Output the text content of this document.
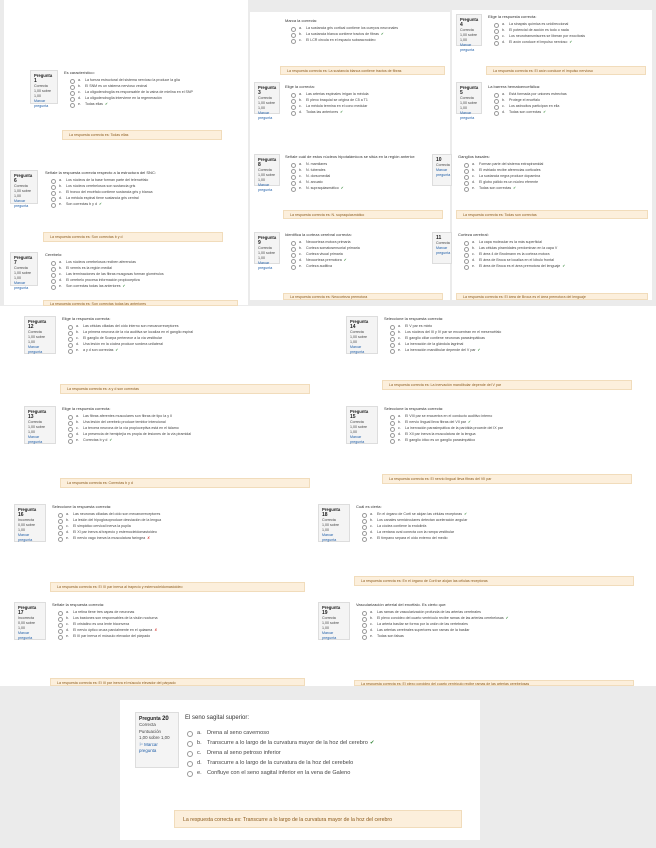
Pregunta 1
Correcta
1,00 sobre 1,00
Marcar pregunta
Es característico:
a.	La fuerza estructural del sistema nervioso la produce la glía
b.	El SNM es un sistema nervioso vecinal
c.	La oligodendroglía es responsable de la vaina de mielina en el SNP
d.	La oligodendroglía interviene en la regeneración
e.	Todas ellas ✔
La respuesta correcta es: Todas ellas
Pregunta 6
Correcta
1,00 sobre 1,00
Marcar pregunta
Señale la respuesta correcta respecto a la estructura del SNC:
a.	Los núcleos de la base forman parte del telencéfalo
b.	Los núcleos cerebelosos son sustancia gris
c.	El tronco del encéfalo contiene sustancia gris y blanca
d.	La médula espinal tiene sustancia gris central
e.	Son correctas b y d ✔
La respuesta correcta es: Son correctas b y d
Pregunta 7
Correcta
1,00 sobre 1,00
Marcar pregunta
Cerebelo:
a.	Los núcleos cerebelosos reciben aferencias
b.	El vermis es la región medial
c.	Las terminaciones de las fibras musgosas forman glomérulos
d.	El cerebelo procesa información propioceptiva
e.	Son correctas todas las anteriores ✔
La respuesta correcta es: Son correctas todas las anteriores
Marca la correcta:
a.	La sustancia gris cortical contiene los cuerpos neuronales
b.	La sustancia blanca contiene tractos de fibras ✔
c.	El LCR circula en el espacio subaracnoideo
La respuesta correcta es: La sustancia blanca contiene tractos de fibras
Pregunta 3
Correcta
1,00 sobre 1,00
Marcar pregunta
Elige la correcta:
a.	Las arterias espinales irrigan la médula
b.	El plexo braquial se origina de C5 a T1
c.	La médula termina en el cono medular
d.	Todas las anteriores ✔
Pregunta 4
Correcta
1,00 sobre 1,00
Marcar pregunta
Elige la respuesta correcta:
a.	La sinapsis química es unidireccional
b.	El potencial de acción es todo o nada
c.	Los neurotransmisores se liberan por exocitosis
d.	El axón conduce el impulso nervioso ✔
La respuesta correcta es: El axón conduce el impulso nervioso
Pregunta 5
Correcta
1,00 sobre 1,00
Marcar pregunta
La barrera hematoencefálica:
a.	Está formada por uniones estrechas
b.	Protege el encéfalo
c.	Los astrocitos participan en ella
d.	Todas son correctas ✔
Pregunta 8
Correcta
1,00 sobre 1,00
Marcar pregunta
Señale cuál de estos núcleos hipotalámicos se sitúa en la región anterior:
a.	N. mamilares
b.	N. tuberales
c.	N. dorsomedial
d.	N. arcuato
e.	N. supraquiasmático ✔
La respuesta correcta es: N. supraquiasmático
Pregunta 9
Correcta
1,00 sobre 1,00
Marcar pregunta
Identifica la corteza cerebral correcta:
a.	Neocorteza motora primaria
b.	Corteza somatosensorial primaria
c.	Corteza visual primaria
d.	Neocorteza premotora ✔
e.	Corteza auditiva
La respuesta correcta es: Neocorteza premotora
10
Correcta
Marcar pregunta
Ganglios basales:
a.	Forman parte del sistema extrapiramidal
b.	El estriado recibe aferencias corticales
c.	La sustancia negra produce dopamina
d.	El globo pálido es un núcleo eferente
e.	Todas son correctas ✔
La respuesta correcta es: Todas son correctas
11
Correcta
Marcar pregunta
Corteza cerebral:
a.	La capa molecular es la más superficial
b.	Las células piramidales predominan en la capa V
c.	El área 4 de Brodmann es la corteza motora
d.	El área de Broca se localiza en el lóbulo frontal
e.	El área de Broca es el área premotora del lenguaje ✔
La respuesta correcta es: El área de Broca es el área premotora del lenguaje
Pregunta 12
Correcta
1,00 sobre 1,00
Marcar pregunta
Elige la respuesta correcta:
a.	Las células ciliadas del oído interno son mecanorreceptores
b.	La primera neurona de la vía auditiva se localiza en el ganglio espiral
c.	El ganglio de Scarpa pertenece a la vía vestibular
d.	Una lesión en la cóclea produce sordera unilateral
e.	a y d son correctas ✔
La respuesta correcta es: a y d son correctas
Pregunta 13
Correcta
1,00 sobre 1,00
Marcar pregunta
Elige la respuesta correcta:
a.	Las fibras aferentes musculares son fibras de tipo Ia y II
b.	Una lesión del cerebelo produce temblor intencional
c.	La tercera neurona de la vía propioceptiva está en el tálamo
d.	La presencia de hemiplejía es propia de lesiones de la vía piramidal
e.	Correctas b y d ✔
La respuesta correcta es: Correctas b y d
Pregunta 14
Correcta
1,00 sobre 1,00
Marcar pregunta
Seleccione la respuesta correcta:
a.	El V par es mixto
b.	Los núcleos del III y IV par se encuentran en el mesencéfalo
c.	El ganglio ciliar contiene neuronas parasimpáticas
d.	La inervación de la glándula lagrimal
e.	La inervación mandibular depende del V par ✔
La respuesta correcta es: La inervación mandibular depende del V par
Pregunta 15
Correcta
1,00 sobre 1,00
Marcar pregunta
Seleccione la respuesta correcta:
a.	El VIII par se encuentra en el conducto auditivo interno
b.	El nervio lingual lleva fibras del VII par ✔
c.	La inervación parasimpática de la parótida procede del IX par
d.	El XII par inerva la musculatura de la lengua
e.	El ganglio ótico es un ganglio parasimpático
La respuesta correcta es: El nervio lingual lleva fibras del VII par
Pregunta 16
Incorrecta
0,00 sobre 1,00
Marcar pregunta
Seleccione la respuesta correcta:
a.	Las neuronas ciliadas del oído son mecanorreceptores
b.	La lesión del hipoglosoproduce desviación de la lengua
c.	El simpático cervical inerva la pupila
d.	El XI par inerva al trapecio y esternocleidomastoideo
e.	El nervio vago inerva la musculatura faríngea ✘
La respuesta correcta es: El XI par inerva al trapecio y esternocleidomastoideo
Pregunta 17
Incorrecta
0,00 sobre 1,00
Marcar pregunta
Señale la respuesta correcta:
a.	La retina tiene tres capas de neuronas
b.	Los bastones son responsables de la visión nocturna
c.	El cristalino es una lente biconvexa
d.	El nervio óptico cruza parcialmente en el quiasma ✘
e.	El III par inerva el músculo elevador del párpado
La respuesta correcta es: El III par inerva el músculo elevador del párpado
Pregunta 18
Correcta
1,00 sobre 1,00
Marcar pregunta
Cuál es cierta:
a.	En el órgano de Corti se alojan las células receptoras ✔
b.	Los canales semicirculares detectan aceleración angular
c.	La cóclea contiene la endolinfa
d.	La ventana oval conecta con la rampa vestibular
e.	El tímpano separa el oído externo del medio
La respuesta correcta es: En el órgano de Corti se alojan las células receptoras
Pregunta 19
Correcta
1,00 sobre 1,00
Marcar pregunta
Vascularización arterial del encéfalo. Es cierto que:
a.	Las ramas de vascularización profunda de las arterias cerebrales
b.	El plexo coroideo del cuarto ventrículo recibe ramas de las arterias cerebelosas ✔
c.	La arteria basilar se forma por la unión de las vertebrales
d.	Las arterias cerebrales superiores son ramas de la basilar
e.	Todas son falsas
La respuesta correcta es: El plexo coroideo del cuarto ventrículo recibe ramas de las arterias cerebelosas
Pregunta 20
Correcta
Puntuación
1,00 sobre 1,00
⚐ Marcar pregunta
El seno sagital superior:
a. Drena al seno cavernoso
b. Transcurre a lo largo de la curvatura mayor de la hoz del cerebro ✔
c.	Drena al seno petroso inferior
d. Transcurre a lo largo de la curvatura de la hoz del cerebelo
e. Confluye con el seno sagital inferior en la vena de Galeno
La respuesta correcta es: Transcurre a lo largo de la curvatura mayor de la hoz del cerebro
